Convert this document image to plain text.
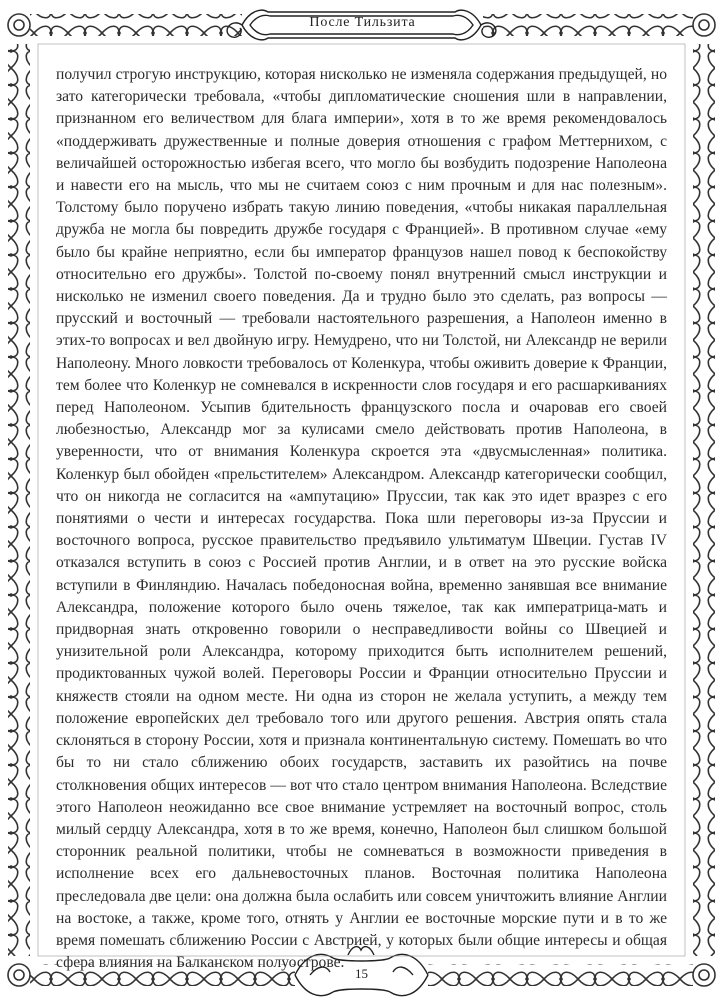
После Тильзита

получил строгую инструкцию, которая нисколько не изменяла содержания предыдущей, но зато категорически требовала, «чтобы дипломатические сношения шли в направлении, признанном его величеством для блага империи», хотя в то же время рекомендовалось «поддерживать дружественные и полные доверия отношения с графом Меттернихом, с величайшей осторожностью избегая всего, что могло бы возбудить подозрение Наполеона и навести его на мысль, что мы не считаем союз с ним прочным и для нас полезным». Толстому было поручено избрать такую линию поведения, «чтобы никакая параллельная дружба не могла бы повредить дружбе государя с Францией». В противном случае «ему было бы крайне неприятно, если бы император французов нашел повод к беспокойству относительно его дружбы». Толстой по-своему понял внутренний смысл инструкции и нисколько не изменил своего поведения. Да и трудно было это сделать, раз вопросы — прусский и восточный — требовали настоятельного разрешения, а Наполеон именно в этих-то вопросах и вел двойную игру. Немудрено, что ни Толстой, ни Александр не верили Наполеону. Много ловкости требовалось от Коленкура, чтобы оживить доверие к Франции, тем более что Коленкур не сомневался в искренности слов государя и его расшаркиваниях перед Наполеоном. Усыпив бдительность французского посла и очаровав его своей любезностью, Александр мог за кулисами смело действовать против Наполеона, в уверенности, что от внимания Коленкура скроется эта «двусмысленная» политика. Коленкур был обойден «прельстителем» Александром. Александр категорически сообщил, что он никогда не согласится на «ампутацию» Пруссии, так как это идет вразрез с его понятиями о чести и интересах государства. Пока шли переговоры из-за Пруссии и восточного вопроса, русское правительство предъявило ультиматум Швеции. Густав IV отказался вступить в союз с Россией против Англии, и в ответ на это русские войска вступили в Финляндию. Началась победоносная война, временно занявшая все внимание Александра, положение которого было очень тяжелое, так как императрица-мать и придворная знать откровенно говорили о несправедливости войны со Швецией и унизительной роли Александра, которому приходится быть исполнителем решений, продиктованных чужой волей. Переговоры России и Франции относительно Пруссии и княжеств стояли на одном месте. Ни одна из сторон не желала уступить, а между тем положение европейских дел требовало того или другого решения. Австрия опять стала склоняться в сторону России, хотя и признала континентальную систему. Помешать во что бы то ни стало сближению обоих государств, заставить их разойтись на почве столкновения общих интересов — вот что стало центром внимания Наполеона. Вследствие этого Наполеон неожиданно все свое внимание устремляет на восточный вопрос, столь милый сердцу Александра, хотя в то же время, конечно, Наполеон был слишком большой сторонник реальной политики, чтобы не сомневаться в возможности приведения в исполнение всех его дальневосточных планов. Восточная политика Наполеона преследовала две цели: она должна была ослабить или совсем уничтожить влияние Англии на востоке, а также, кроме того, отнять у Англии ее восточные морские пути и в то же время помешать сближению России с Австрией, у которых были общие интересы и общая сфера влияния на Балканском полуострове.

15
